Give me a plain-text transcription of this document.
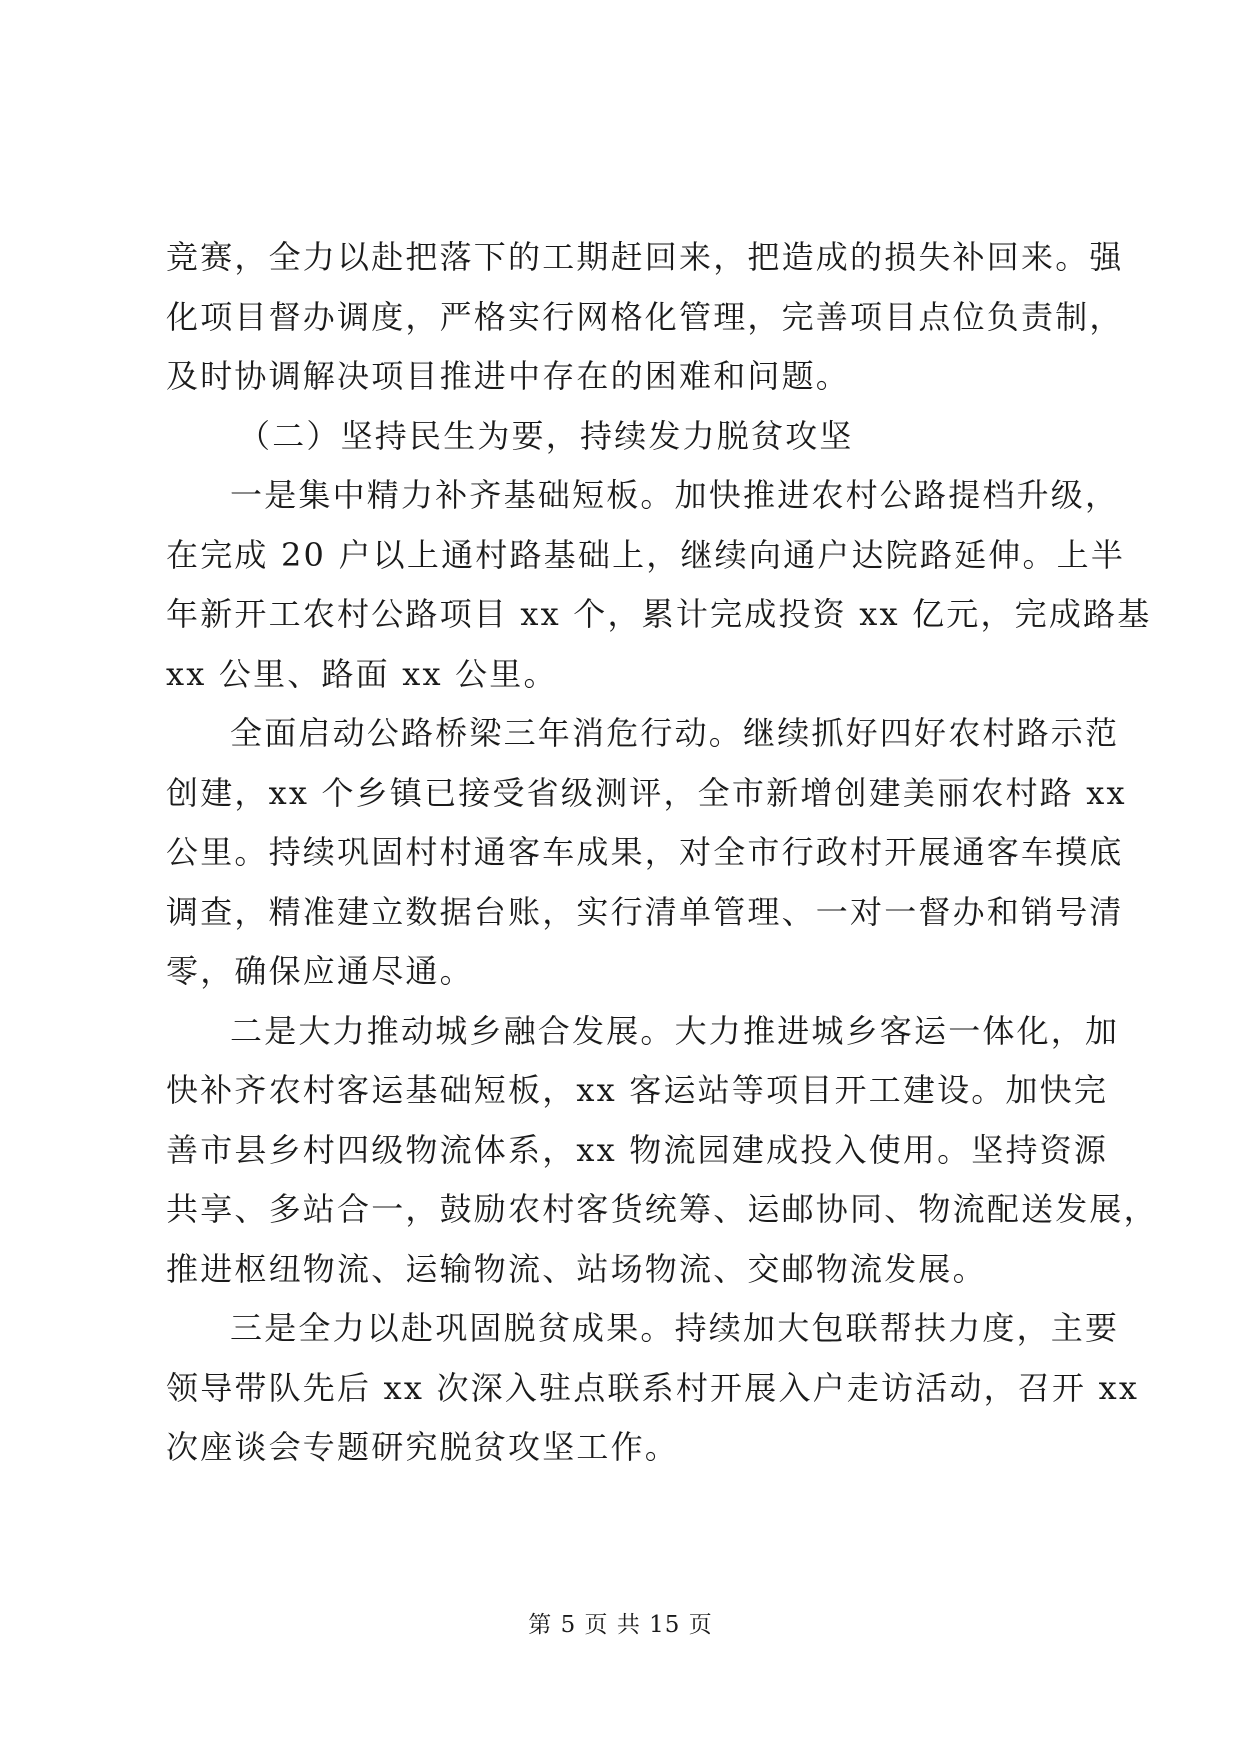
竞赛，全力以赴把落下的工期赶回来，把造成的损失补回来。强
化项目督办调度，严格实行网格化管理，完善项目点位负责制，
及时协调解决项目推进中存在的困难和问题。
（二）坚持民生为要，持续发力脱贫攻坚
一是集中精力补齐基础短板。加快推进农村公路提档升级，
在完成 20 户以上通村路基础上，继续向通户达院路延伸。上半
年新开工农村公路项目 xx 个，累计完成投资 xx 亿元，完成路基
xx 公里、路面 xx 公里。
全面启动公路桥梁三年消危行动。继续抓好四好农村路示范
创建，xx 个乡镇已接受省级测评，全市新增创建美丽农村路 xx
公里。持续巩固村村通客车成果，对全市行政村开展通客车摸底
调查，精准建立数据台账，实行清单管理、一对一督办和销号清
零，确保应通尽通。
二是大力推动城乡融合发展。大力推进城乡客运一体化，加
快补齐农村客运基础短板，xx 客运站等项目开工建设。加快完
善市县乡村四级物流体系，xx 物流园建成投入使用。坚持资源
共享、多站合一，鼓励农村客货统筹、运邮协同、物流配送发展，
推进枢纽物流、运输物流、站场物流、交邮物流发展。
三是全力以赴巩固脱贫成果。持续加大包联帮扶力度，主要
领导带队先后 xx 次深入驻点联系村开展入户走访活动，召开 xx
次座谈会专题研究脱贫攻坚工作。
第 5 页 共 15 页
